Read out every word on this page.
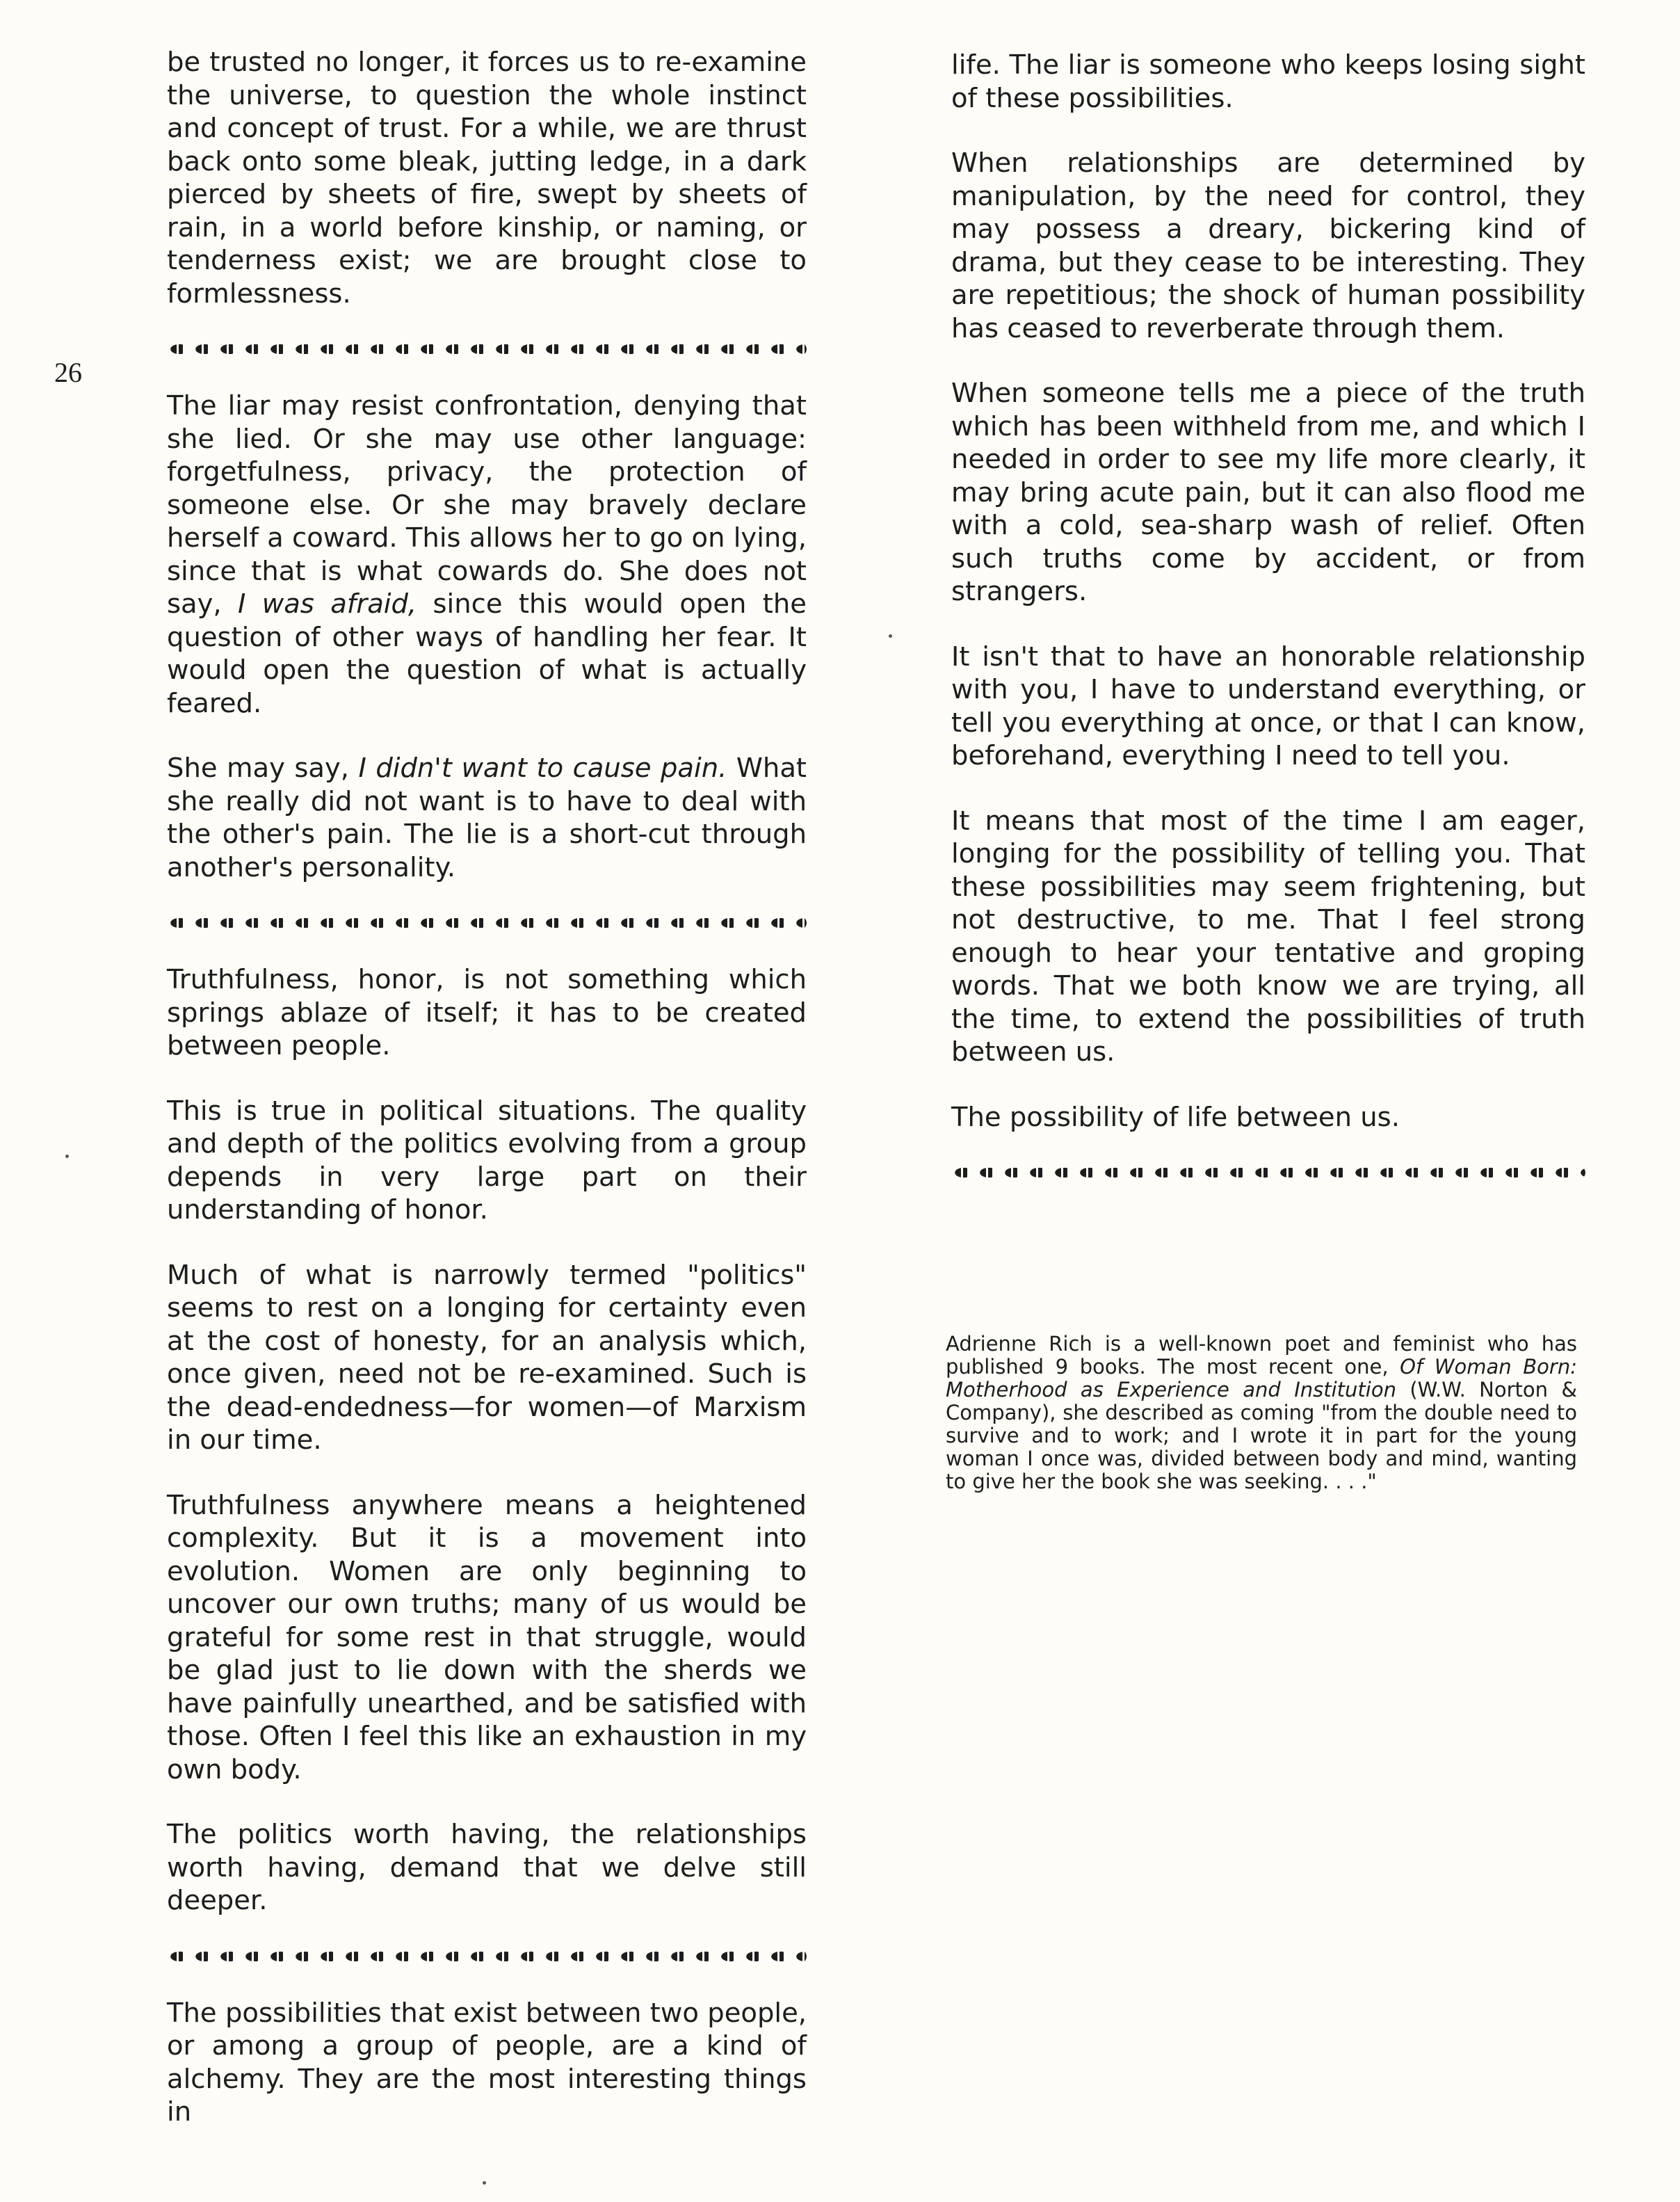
26

be trusted no longer, it forces us to re-examine the universe, to question the whole instinct and concept of trust. For a while, we are thrust back onto some bleak, jutting ledge, in a dark pierced by sheets of fire, swept by sheets of rain, in a world before kinship, or naming, or tenderness exist; we are brought close to formlessness.

The liar may resist confrontation, denying that she lied. Or she may use other language: forgetfulness, privacy, the protection of someone else. Or she may bravely declare herself a coward. This allows her to go on lying, since that is what cowards do. She does not say, I was afraid, since this would open the question of other ways of handling her fear. It would open the question of what is actually feared.

She may say, I didn't want to cause pain. What she really did not want is to have to deal with the other's pain. The lie is a short-cut through another's personality.

Truthfulness, honor, is not something which springs ablaze of itself; it has to be created between people.

This is true in political situations. The quality and depth of the politics evolving from a group depends in very large part on their understanding of honor.

Much of what is narrowly termed "politics" seems to rest on a longing for certainty even at the cost of honesty, for an analysis which, once given, need not be re-examined. Such is the dead-endedness—for women—of Marxism in our time.

Truthfulness anywhere means a heightened complexity. But it is a movement into evolution. Women are only beginning to uncover our own truths; many of us would be grateful for some rest in that struggle, would be glad just to lie down with the sherds we have painfully unearthed, and be satisfied with those. Often I feel this like an exhaustion in my own body.

The politics worth having, the relationships worth having, demand that we delve still deeper.

The possibilities that exist between two people, or among a group of people, are a kind of alchemy. They are the most interesting things in

life. The liar is someone who keeps losing sight of these possibilities.

When relationships are determined by manipulation, by the need for control, they may possess a dreary, bickering kind of drama, but they cease to be interesting. They are repetitious; the shock of human possibility has ceased to reverberate through them.

When someone tells me a piece of the truth which has been withheld from me, and which I needed in order to see my life more clearly, it may bring acute pain, but it can also flood me with a cold, sea-sharp wash of relief. Often such truths come by accident, or from strangers.

It isn't that to have an honorable relationship with you, I have to understand everything, or tell you everything at once, or that I can know, beforehand, everything I need to tell you.

It means that most of the time I am eager, longing for the possibility of telling you. That these possibilities may seem frightening, but not destructive, to me. That I feel strong enough to hear your tentative and groping words. That we both know we are trying, all the time, to extend the possibilities of truth between us.

The possibility of life between us.

Adrienne Rich is a well-known poet and feminist who has published 9 books. The most recent one, Of Woman Born: Motherhood as Experience and Institution (W.W. Norton & Company), she described as coming "from the double need to survive and to work; and I wrote it in part for the young woman I once was, divided between body and mind, wanting to give her the book she was seeking. . . ."
